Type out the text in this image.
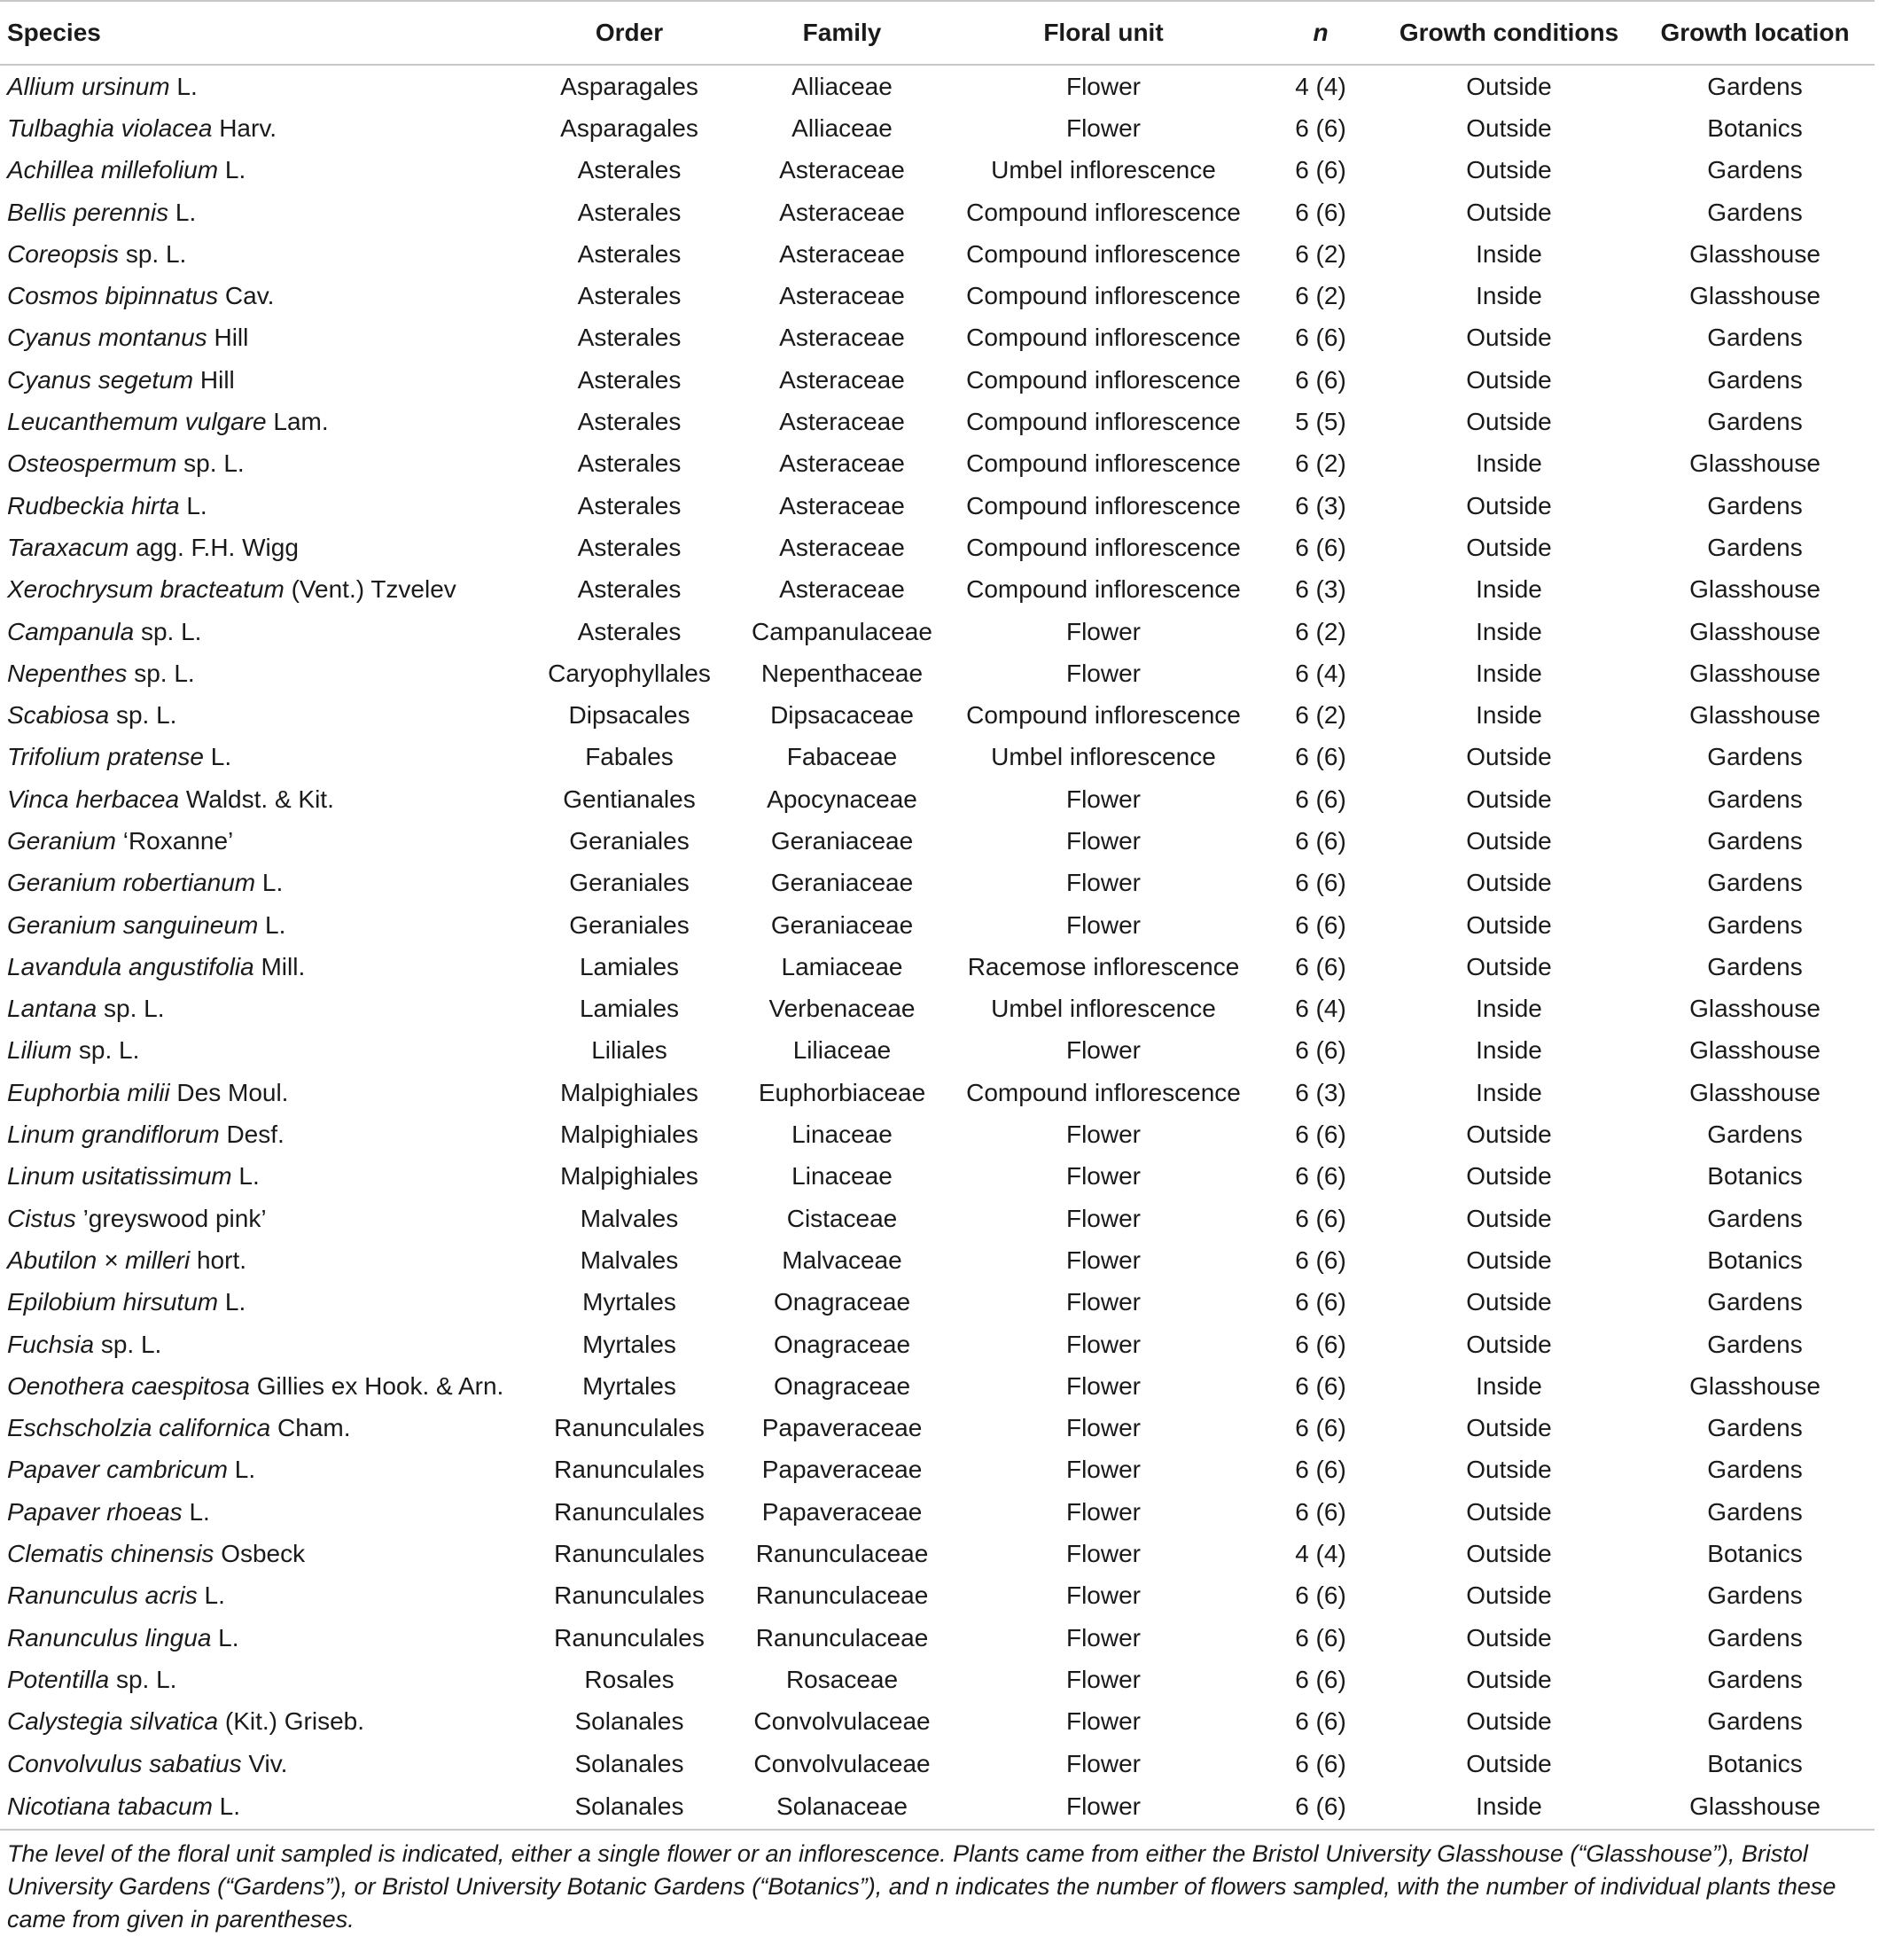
Species	Order	Family	Floral unit	n	Growth conditions	Growth location
Allium ursinum L.	Asparagales	Alliaceae	Flower	4 (4)	Outside	Gardens
Tulbaghia violacea Harv.	Asparagales	Alliaceae	Flower	6 (6)	Outside	Botanics
Achillea millefolium L.	Asterales	Asteraceae	Umbel inflorescence	6 (6)	Outside	Gardens
Bellis perennis L.	Asterales	Asteraceae	Compound inflorescence	6 (6)	Outside	Gardens
Coreopsis sp. L.	Asterales	Asteraceae	Compound inflorescence	6 (2)	Inside	Glasshouse
Cosmos bipinnatus Cav.	Asterales	Asteraceae	Compound inflorescence	6 (2)	Inside	Glasshouse
Cyanus montanus Hill	Asterales	Asteraceae	Compound inflorescence	6 (6)	Outside	Gardens
Cyanus segetum Hill	Asterales	Asteraceae	Compound inflorescence	6 (6)	Outside	Gardens
Leucanthemum vulgare Lam.	Asterales	Asteraceae	Compound inflorescence	5 (5)	Outside	Gardens
Osteospermum sp. L.	Asterales	Asteraceae	Compound inflorescence	6 (2)	Inside	Glasshouse
Rudbeckia hirta L.	Asterales	Asteraceae	Compound inflorescence	6 (3)	Outside	Gardens
Taraxacum agg. F.H. Wigg	Asterales	Asteraceae	Compound inflorescence	6 (6)	Outside	Gardens
Xerochrysum bracteatum (Vent.) Tzvelev	Asterales	Asteraceae	Compound inflorescence	6 (3)	Inside	Glasshouse
Campanula sp. L.	Asterales	Campanulaceae	Flower	6 (2)	Inside	Glasshouse
Nepenthes sp. L.	Caryophyllales	Nepenthaceae	Flower	6 (4)	Inside	Glasshouse
Scabiosa sp. L.	Dipsacales	Dipsacaceae	Compound inflorescence	6 (2)	Inside	Glasshouse
Trifolium pratense L.	Fabales	Fabaceae	Umbel inflorescence	6 (6)	Outside	Gardens
Vinca herbacea Waldst. & Kit.	Gentianales	Apocynaceae	Flower	6 (6)	Outside	Gardens
Geranium ‘Roxanne’	Geraniales	Geraniaceae	Flower	6 (6)	Outside	Gardens
Geranium robertianum L.	Geraniales	Geraniaceae	Flower	6 (6)	Outside	Gardens
Geranium sanguineum L.	Geraniales	Geraniaceae	Flower	6 (6)	Outside	Gardens
Lavandula angustifolia Mill.	Lamiales	Lamiaceae	Racemose inflorescence	6 (6)	Outside	Gardens
Lantana sp. L.	Lamiales	Verbenaceae	Umbel inflorescence	6 (4)	Inside	Glasshouse
Lilium sp. L.	Liliales	Liliaceae	Flower	6 (6)	Inside	Glasshouse
Euphorbia milii Des Moul.	Malpighiales	Euphorbiaceae	Compound inflorescence	6 (3)	Inside	Glasshouse
Linum grandiflorum Desf.	Malpighiales	Linaceae	Flower	6 (6)	Outside	Gardens
Linum usitatissimum L.	Malpighiales	Linaceae	Flower	6 (6)	Outside	Botanics
Cistus ’greyswood pink’	Malvales	Cistaceae	Flower	6 (6)	Outside	Gardens
Abutilon × milleri hort.	Malvales	Malvaceae	Flower	6 (6)	Outside	Botanics
Epilobium hirsutum L.	Myrtales	Onagraceae	Flower	6 (6)	Outside	Gardens
Fuchsia sp. L.	Myrtales	Onagraceae	Flower	6 (6)	Outside	Gardens
Oenothera caespitosa Gillies ex Hook. & Arn.	Myrtales	Onagraceae	Flower	6 (6)	Inside	Glasshouse
Eschscholzia californica Cham.	Ranunculales	Papaveraceae	Flower	6 (6)	Outside	Gardens
Papaver cambricum L.	Ranunculales	Papaveraceae	Flower	6 (6)	Outside	Gardens
Papaver rhoeas L.	Ranunculales	Papaveraceae	Flower	6 (6)	Outside	Gardens
Clematis chinensis Osbeck	Ranunculales	Ranunculaceae	Flower	4 (4)	Outside	Botanics
Ranunculus acris L.	Ranunculales	Ranunculaceae	Flower	6 (6)	Outside	Gardens
Ranunculus lingua L.	Ranunculales	Ranunculaceae	Flower	6 (6)	Outside	Gardens
Potentilla sp. L.	Rosales	Rosaceae	Flower	6 (6)	Outside	Gardens
Calystegia silvatica (Kit.) Griseb.	Solanales	Convolvulaceae	Flower	6 (6)	Outside	Gardens
Convolvulus sabatius Viv.	Solanales	Convolvulaceae	Flower	6 (6)	Outside	Botanics
Nicotiana tabacum L.	Solanales	Solanaceae	Flower	6 (6)	Inside	Glasshouse

The level of the floral unit sampled is indicated, either a single flower or an inflorescence. Plants came from either the Bristol University Glasshouse (“Glasshouse”), Bristol University Gardens (“Gardens”), or Bristol University Botanic Gardens (“Botanics”), and n indicates the number of flowers sampled, with the number of individual plants these came from given in parentheses.
